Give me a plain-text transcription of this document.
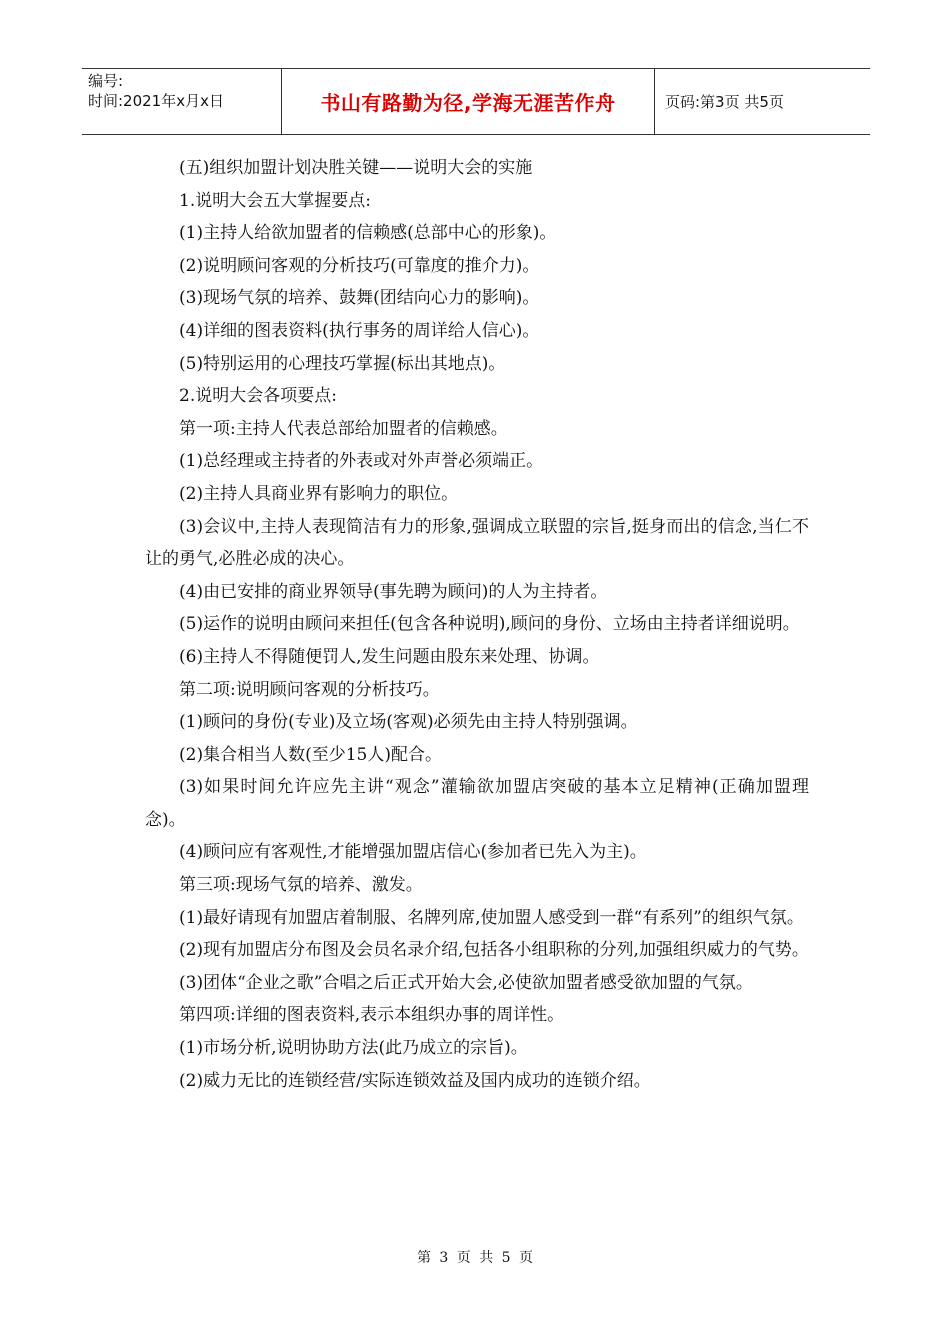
编号:
时间:2021年x月x日	书山有路勤为径,学海无涯苦作舟	页码:第3页 共5页

(五)组织加盟计划决胜关键——说明大会的实施

1.说明大会五大掌握要点:

(1)主持人给欲加盟者的信赖感(总部中心的形象)。

(2)说明顾问客观的分析技巧(可靠度的推介力)。

(3)现场气氛的培养、鼓舞(团结向心力的影响)。

(4)详细的图表资料(执行事务的周详给人信心)。

(5)特别运用的心理技巧掌握(标出其地点)。

2.说明大会各项要点:

第一项:主持人代表总部给加盟者的信赖感。

(1)总经理或主持者的外表或对外声誉必须端正。

(2)主持人具商业界有影响力的职位。

(3)会议中,主持人表现简洁有力的形象,强调成立联盟的宗旨,挺身而出的信念,当仁不让的勇气,必胜必成的决心。

(4)由已安排的商业界领导(事先聘为顾问)的人为主持者。

(5)运作的说明由顾问来担任(包含各种说明),顾问的身份、立场由主持者详细说明。

(6)主持人不得随便罚人,发生问题由股东来处理、协调。

第二项:说明顾问客观的分析技巧。

(1)顾问的身份(专业)及立场(客观)必须先由主持人特别强调。

(2)集合相当人数(至少15人)配合。

(3)如果时间允许应先主讲“观念”灌输欲加盟店突破的基本立足精神(正确加盟理念)。

(4)顾问应有客观性,才能增强加盟店信心(参加者已先入为主)。

第三项:现场气氛的培养、激发。

(1)最好请现有加盟店着制服、名牌列席,使加盟人感受到一群“有系列”的组织气氛。

(2)现有加盟店分布图及会员名录介绍,包括各小组职称的分列,加强组织威力的气势。

(3)团体“企业之歌”合唱之后正式开始大会,必使欲加盟者感受欲加盟的气氛。

第四项:详细的图表资料,表示本组织办事的周详性。

(1)市场分析,说明协助方法(此乃成立的宗旨)。

(2)威力无比的连锁经营/实际连锁效益及国内成功的连锁介绍。

第 3 页 共 5 页
